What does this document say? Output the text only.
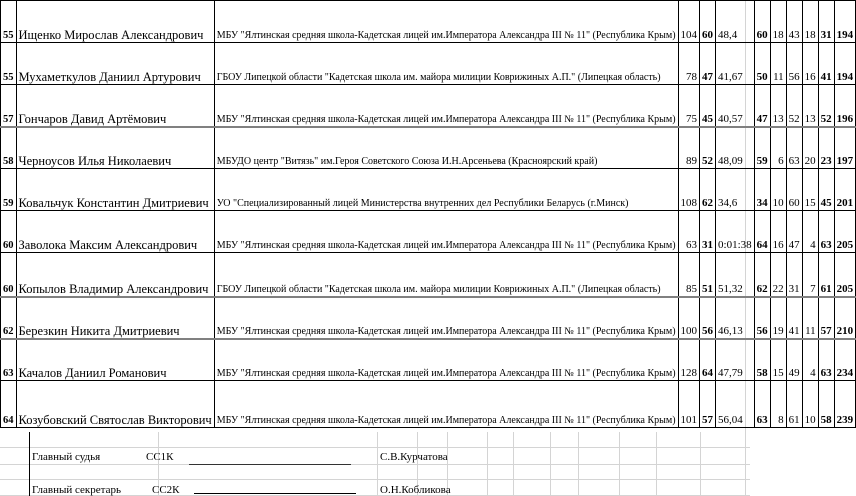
55	Ищенко Мирослав Александрович	МБУ "Ялтинская средняя школа-Кадетская лицей им.Императора Александра III № 11" (Республика Крым)	104	60	48,4	60	18	43	18	31	194
55	Мухаметкулов Даниил Артурович	ГБОУ Липецкой области "Кадетская школа им. майора милиции Коврижиных А.П." (Липецкая область)	78	47	41,67	50	11	56	16	41	194
57	Гончаров Давид Артёмович	МБУ "Ялтинская средняя школа-Кадетская лицей им.Императора Александра III № 11" (Республика Крым)	75	45	40,57	47	13	52	13	52	196
58	Черноусов Илья Николаевич	МБУДО центр "Витязь" им.Героя Советского Союза И.Н.Арсеньева (Красноярский край)	89	52	48,09	59	6	63	20	23	197
59	Ковальчук Константин Дмитриевич	УО "Специализированный лицей Министерства внутренних дел Республики Беларусь (г.Минск)	108	62	34,6	34	10	60	15	45	201
60	Заволока Максим Александрович	МБУ "Ялтинская средняя школа-Кадетская лицей им.Императора Александра III № 11" (Республика Крым)	63	31	0:01:38	64	16	47	4	63	205
60	Копылов Владимир Александрович	ГБОУ Липецкой области "Кадетская школа им. майора милиции Коврижиных А.П." (Липецкая область)	85	51	51,32	62	22	31	7	61	205
62	Березкин Никита Дмитриевич	МБУ "Ялтинская средняя школа-Кадетская лицей им.Императора Александра III № 11" (Республика Крым)	100	56	46,13	56	19	41	11	57	210
63	Качалов Даниил Романович	МБУ "Ялтинская средняя школа-Кадетская лицей им.Императора Александра III № 11" (Республика Крым)	128	64	47,79	58	15	49	4	63	234
64	Козубовский Святослав Викторович	МБУ "Ялтинская средняя школа-Кадетская лицей им.Императора Александра III № 11" (Республика Крым)	101	57	56,04	63	8	61	10	58	239
Главный судья	СС1К	С.В.Курчатова
Главный секретарь	СС2К	О.Н.Кобликова
